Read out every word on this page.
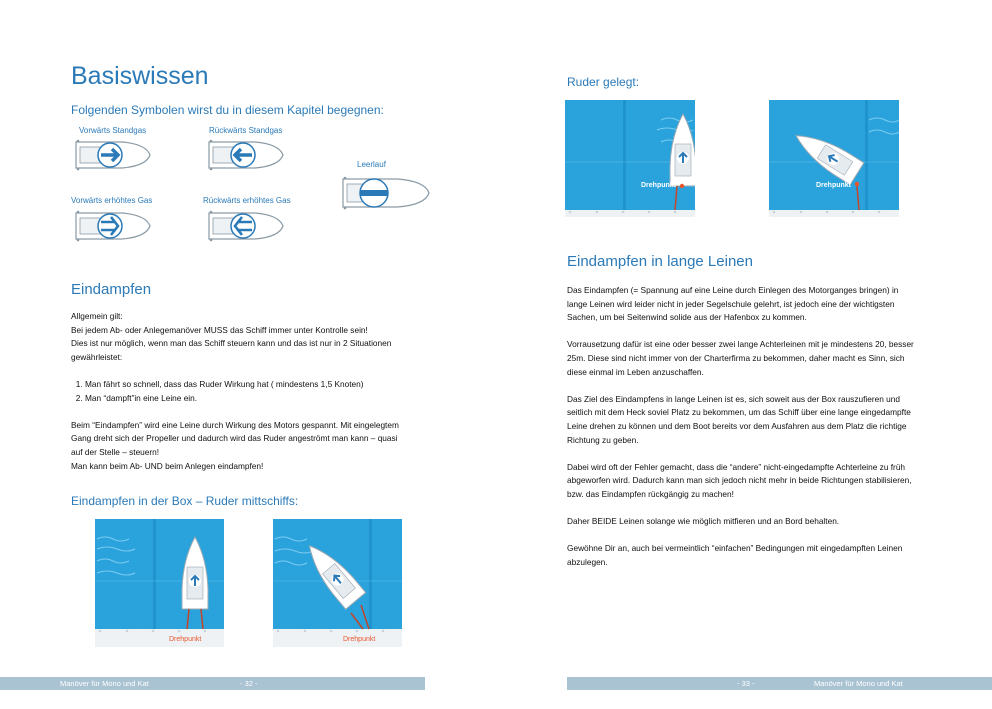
Basiswissen
Folgenden Symbolen wirst du in diesem Kapitel begegnen:
Vorwärts Standgas	Rückwärts Standgas
Leerlauf
Vorwärts erhöhtes Gas	Rückwärts erhöhtes Gas
Eindampfen

Allgemein gilt:
Bei jedem Ab- oder Anlegemanöver MUSS das Schiff immer unter Kontrolle sein!
Dies ist nur möglich, wenn man das Schiff steuern kann und das ist nur in 2 Situationen gewährleistet:

1. Man fährt so schnell, dass das Ruder Wirkung hat ( mindestens 1,5 Knoten)
2. Man “dampft”in eine Leine ein.

Beim “Eindampfen” wird eine Leine durch Wirkung des Motors gespannt. Mit eingelegtem Gang dreht sich der Propeller und dadurch wird das Ruder angeströmt man kann – quasi auf der Stelle – steuern!
Man kann beim Ab- UND beim Anlegen eindampfen!

Eindampfen in der Box – Ruder mittschiffs:
Drehpunkt	Drehpunkt
Manöver für Mono und Kat	- 32 -
Ruder gelegt:
Drehpunkt	Drehpunkt
Eindampfen in lange Leinen

Das Eindampfen (= Spannung auf eine Leine durch Einlegen des Motorganges bringen) in lange Leinen wird leider nicht in jeder Segelschule gelehrt, ist jedoch eine der wichtigsten Sachen, um bei Seitenwind solide aus der Hafenbox zu kommen.

Vorrausetzung dafür ist eine oder besser zwei lange Achterleinen mit je mindestens 20, besser 25m. Diese sind nicht immer von der Charterfirma zu bekommen, daher macht es Sinn, sich diese einmal im Leben anzuschaffen.

Das Ziel des Eindampfens in lange Leinen ist es, sich soweit aus der Box rauszufieren und seitlich mit dem Heck soviel Platz zu bekommen, um das Schiff über eine lange eingedampfte Leine drehen zu können und dem Boot bereits vor dem Ausfahren aus dem Platz die richtige Richtung zu geben.

Dabei wird oft der Fehler gemacht, dass die “andere” nicht-eingedampfte Achterleine zu früh abgeworfen wird. Dadurch kann man sich jedoch nicht mehr in beide Richtungen stabilisieren, bzw. das Eindampfen rückgängig zu machen!

Daher BEIDE Leinen solange wie möglich mitfieren und an Bord behalten.

Gewöhne Dir an, auch bei vermeintlich “einfachen” Bedingungen mit eingedampften Leinen abzulegen.

- 33 -	Manöver für Mono und Kat
